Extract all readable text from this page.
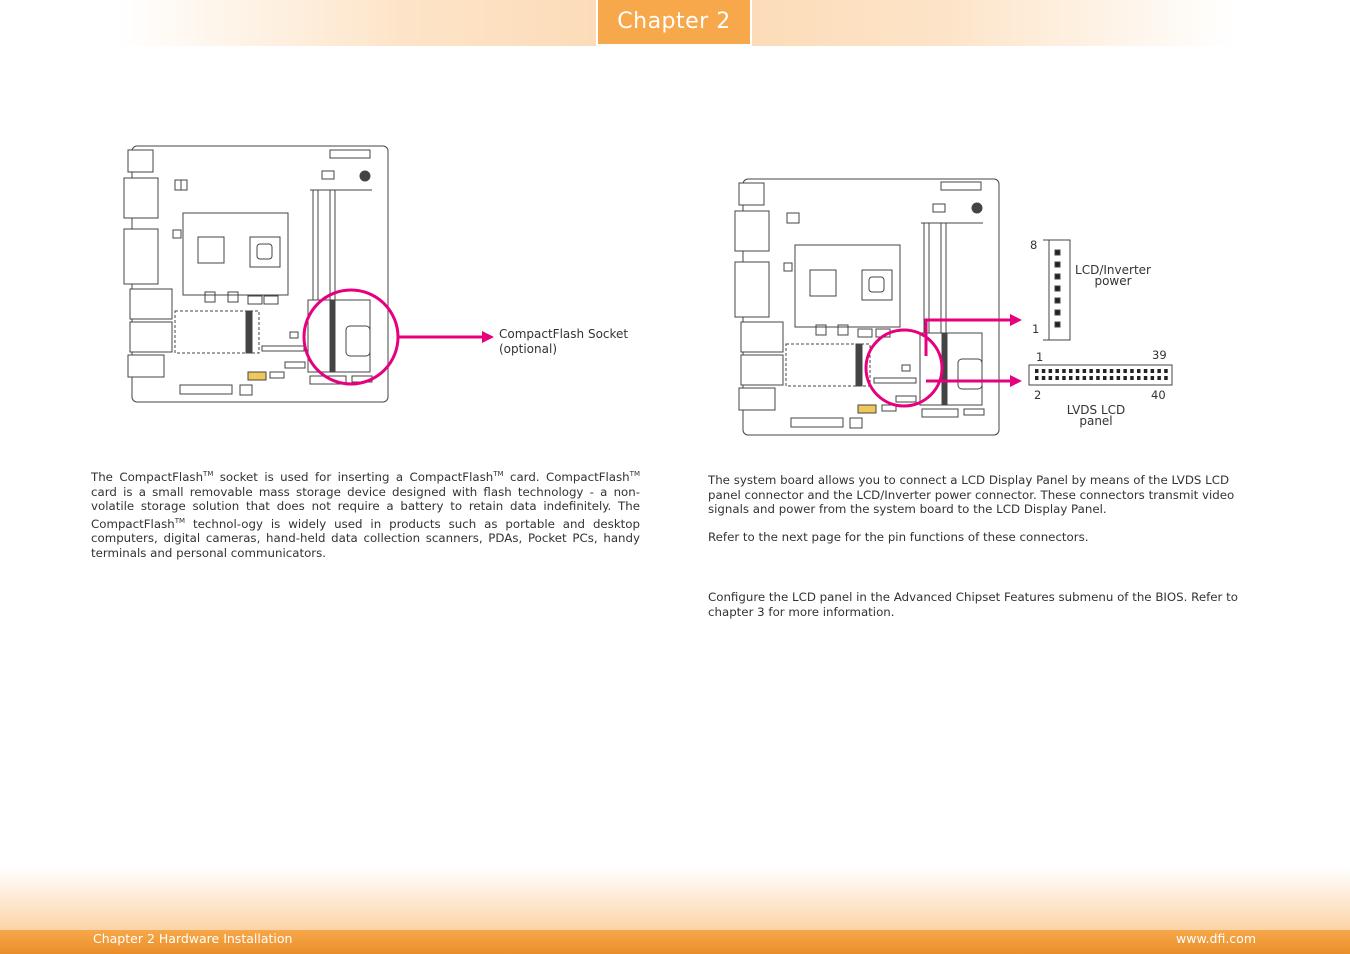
Chapter 2
CompactFlash Socket
(optional)
The CompactFlash™ socket is used for inserting a CompactFlash™ card. CompactFlash™ card is a small removable mass storage device designed with flash technology - a non-volatile storage solution that does not require a battery to retain data indefinitely. The CompactFlash™ technol-ogy is widely used in products such as portable and desktop computers, digital cameras, hand-held data collection scanners, PDAs, Pocket PCs, handy terminals and personal communicators.
8
1
LCD/Inverter
power
1	39
2	40
LVDS LCD
panel
The system board allows you to connect a LCD Display Panel by means of the LVDS LCD panel connector and the LCD/Inverter power connector. These connectors transmit video signals and power from the system board to the LCD Display Panel.
Refer to the next page for the pin functions of these connectors.
Configure the LCD panel in the Advanced Chipset Features submenu of the BIOS. Refer to chapter 3 for more information.
Chapter 2 Hardware Installation	www.dfi.com
